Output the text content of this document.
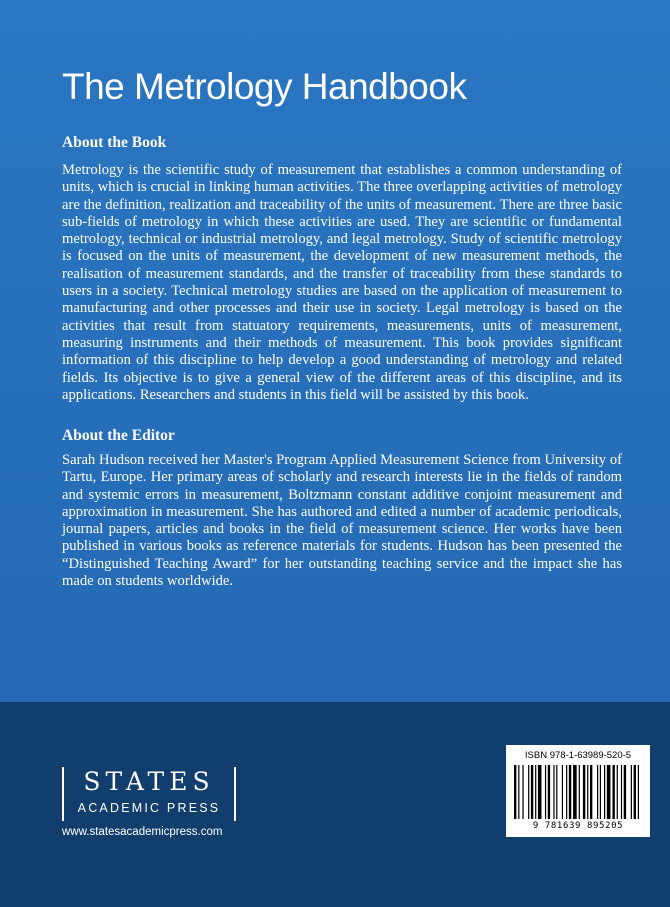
The Metrology Handbook
About the Book

Metrology is the scientific study of measurement that establishes a common understanding of units, which is crucial in linking human activities. The three overlapping activities of metrology are the definition, realization and traceability of the units of measurement. There are three basic sub-fields of metrology in which these activities are used. They are scientific or fundamental metrology, technical or industrial metrology, and legal metrology. Study of scientific metrology is focused on the units of measurement, the development of new measurement methods, the realisation of measurement standards, and the transfer of traceability from these standards to users in a society. Technical metrology studies are based on the application of measurement to manufacturing and other processes and their use in society. Legal metrology is based on the activities that result from statuatory requirements, measurements, units of measurement, measuring instruments and their methods of measurement. This book provides significant information of this discipline to help develop a good understanding of metrology and related fields. Its objective is to give a general view of the different areas of this discipline, and its applications. Researchers and students in this field will be assisted by this book.

About the Editor

Sarah Hudson received her Master's Program Applied Measurement Science from University of Tartu, Europe. Her primary areas of scholarly and research interests lie in the fields of random and systemic errors in measurement, Boltzmann constant additive conjoint measurement and approximation in measurement. She has authored and edited a number of academic periodicals, journal papers, articles and books in the field of measurement science. Her works have been published in various books as reference materials for students. Hudson has been presented the “Distinguished Teaching Award” for her outstanding teaching service and the impact she has made on students worldwide.

STATES
ACADEMIC PRESS
www.statesacademicpress.com
ISBN 978-1-63989-520-5
9 781639 895205
